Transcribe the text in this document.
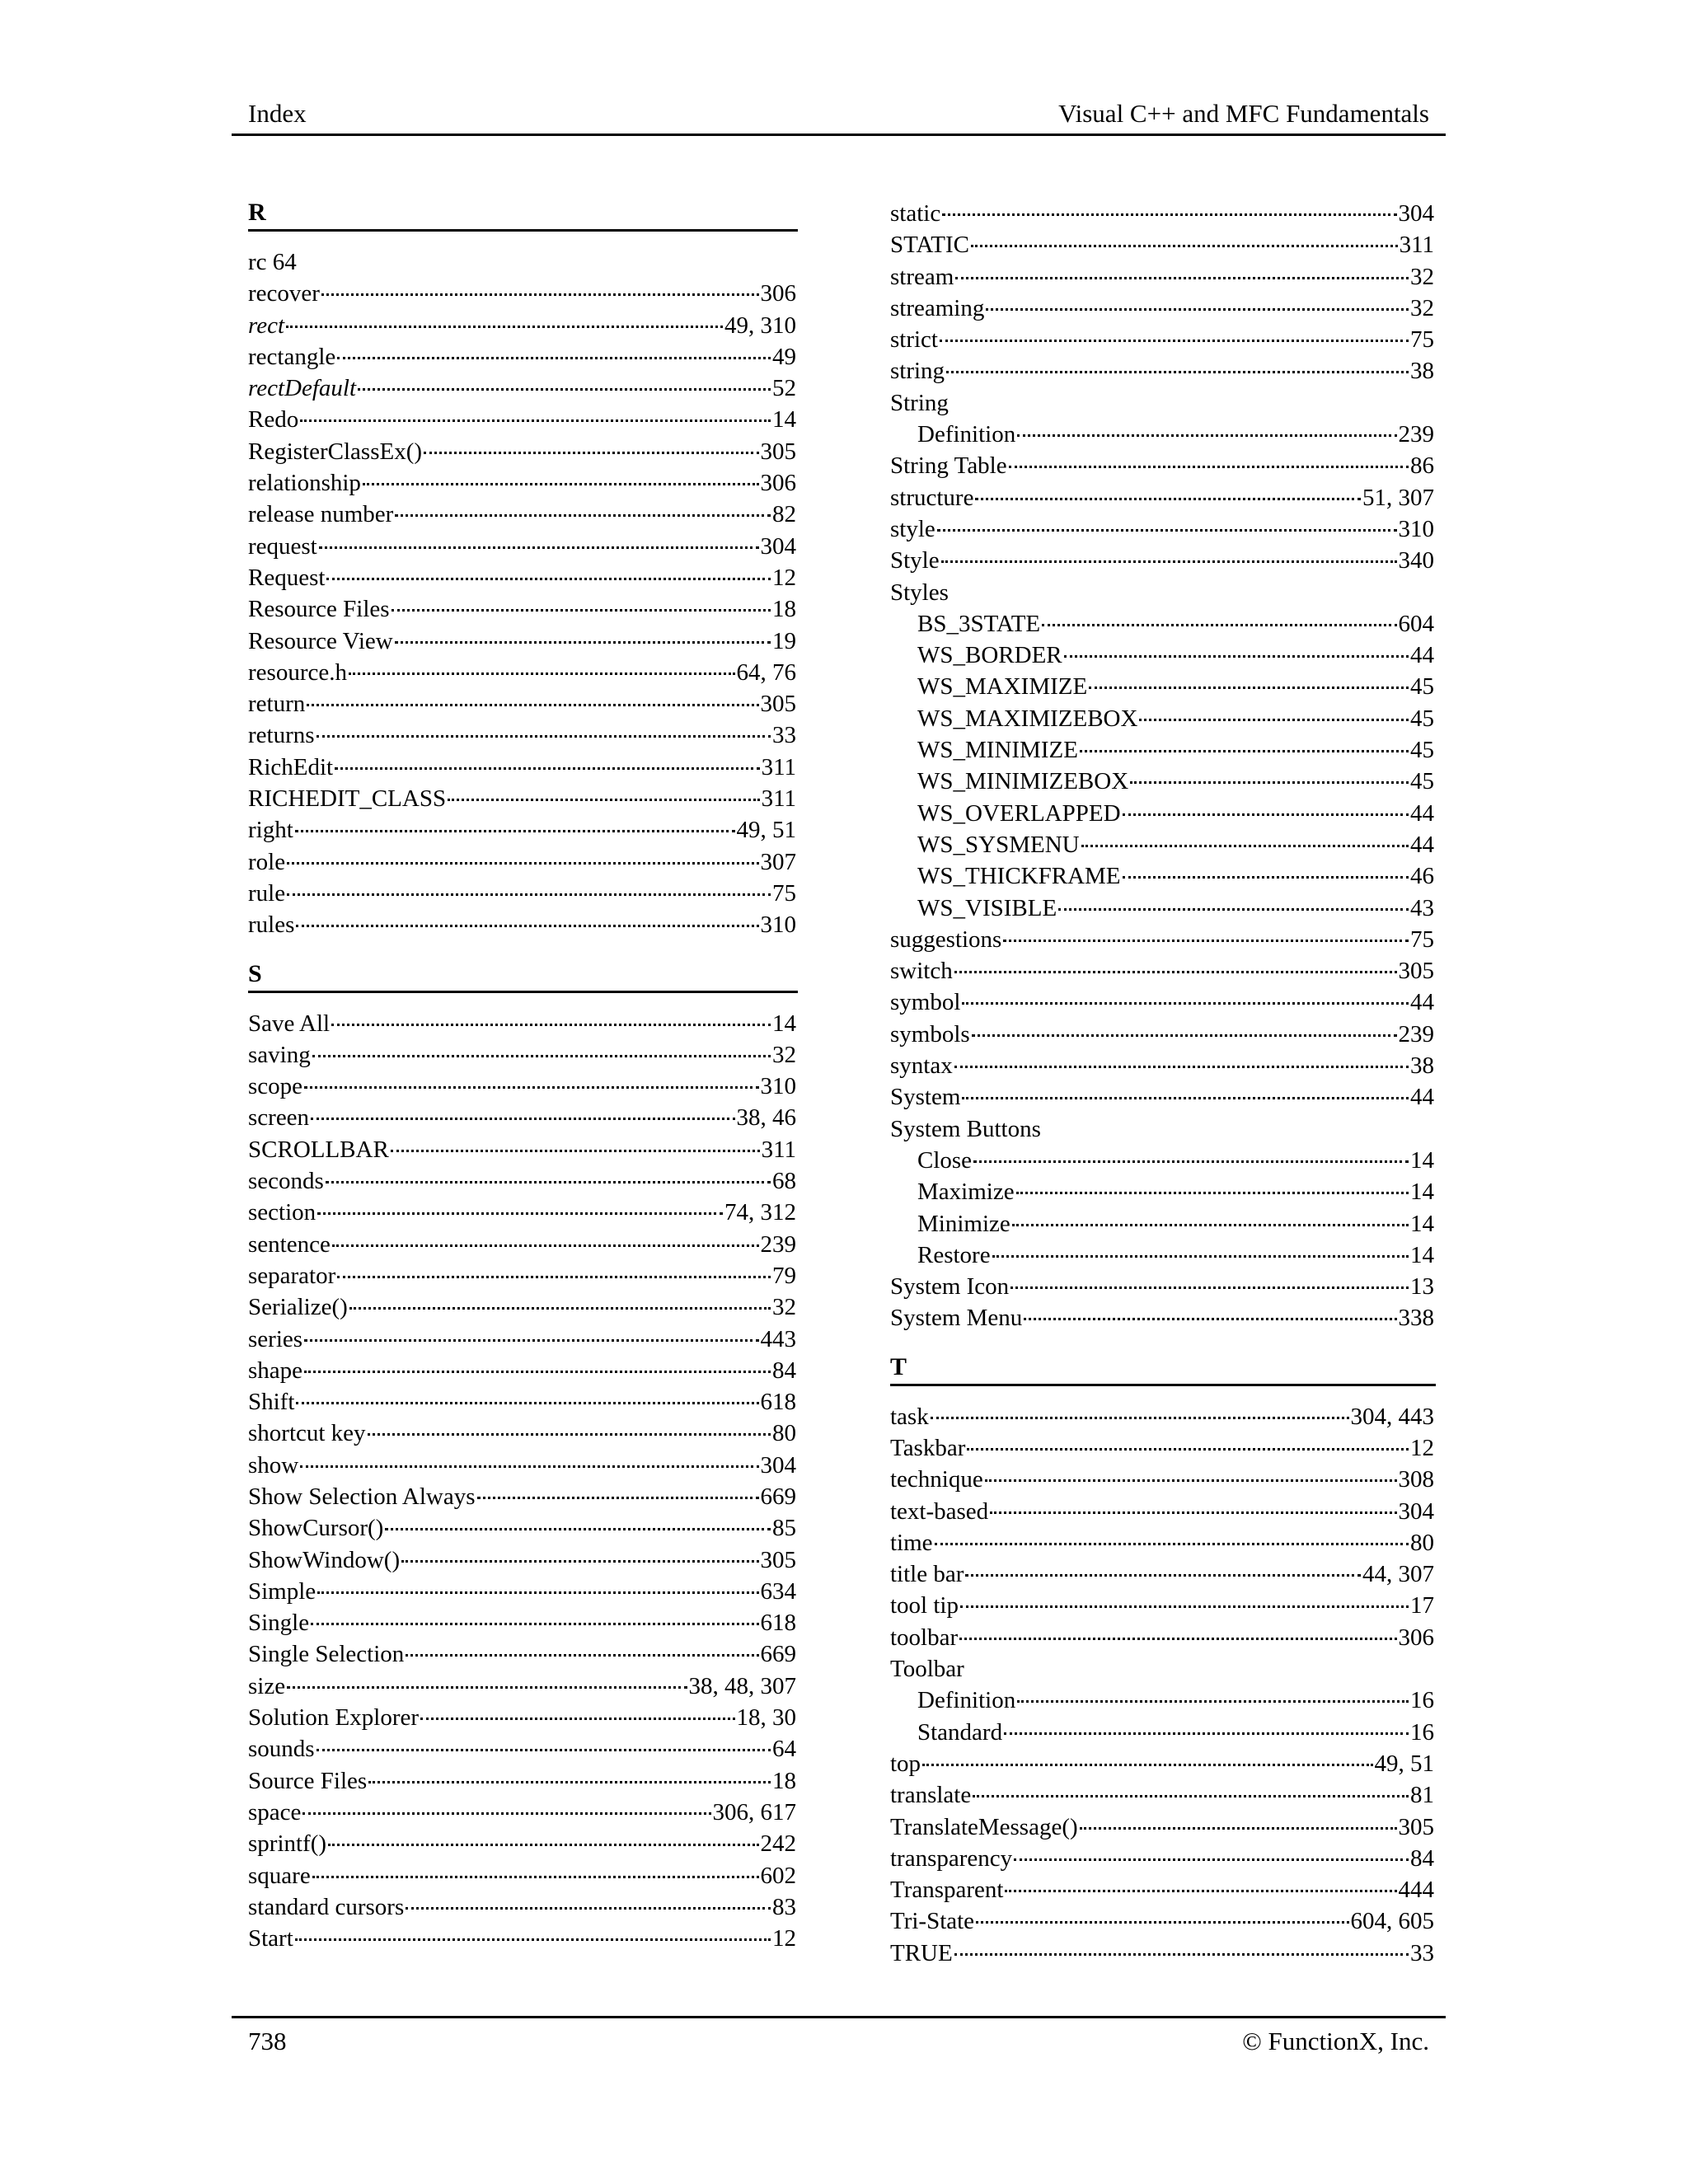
Index	Visual C++ and MFC Fundamentals
R
rc 64
recover	306
rect	49, 310
rectangle	49
rectDefault	52
Redo	14
RegisterClassEx()	305
relationship	306
release number	82
request	304
Request	12
Resource Files	18
Resource View	19
resource.h	64, 76
return	305
returns	33
RichEdit	311
RICHEDIT_CLASS	311
right	49, 51
role	307
rule	75
rules	310
S
Save All	14
saving	32
scope	310
screen	38, 46
SCROLLBAR	311
seconds	68
section	74, 312
sentence	239
separator	79
Serialize()	32
series	443
shape	84
Shift	618
shortcut key	80
show	304
Show Selection Always	669
ShowCursor()	85
ShowWindow()	305
Simple	634
Single	618
Single Selection	669
size	38, 48, 307
Solution Explorer	18, 30
sounds	64
Source Files	18
space	306, 617
sprintf()	242
square	602
standard cursors	83
Start	12
static	304
STATIC	311
stream	32
streaming	32
strict	75
string	38
String
Definition	239
String Table	86
structure	51, 307
style	310
Style	340
Styles
BS_3STATE	604
WS_BORDER	44
WS_MAXIMIZE	45
WS_MAXIMIZEBOX	45
WS_MINIMIZE	45
WS_MINIMIZEBOX	45
WS_OVERLAPPED	44
WS_SYSMENU	44
WS_THICKFRAME	46
WS_VISIBLE	43
suggestions	75
switch	305
symbol	44
symbols	239
syntax	38
System	44
System Buttons
Close	14
Maximize	14
Minimize	14
Restore	14
System Icon	13
System Menu	338
T
task	304, 443
Taskbar	12
technique	308
text-based	304
time	80
title bar	44, 307
tool tip	17
toolbar	306
Toolbar
Definition	16
Standard	16
top	49, 51
translate	81
TranslateMessage()	305
transparency	84
Transparent	444
Tri-State	604, 605
TRUE	33
738	© FunctionX, Inc.
